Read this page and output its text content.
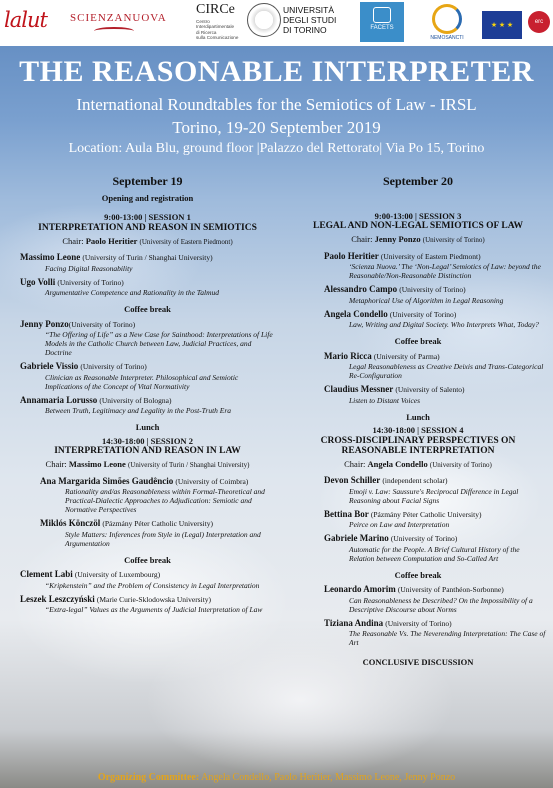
lalut SCIENZANUOVA
CIRCe
Centro
Interdipartimentale
di Ricerca
sulla Comunicazione
UNIVERSITÀ
DEGLI STUDI
DI TORINO	FACETS
NEMOSANCTI
★ ★ ★	erc
THE REASONABLE INTERPRETER
International Roundtables for the Semiotics of Law - IRSL
Torino, 19-20 September 2019
Location: Aula Blu, ground floor |Palazzo del Rettorato| Via Po 15, Torino
September 19
Opening and registration
9:00-13:00 | SESSION 1
INTERPRETATION AND REASON IN SEMIOTICS
Chair: Paolo Heritier (University of Eastern Piedmont)
Massimo Leone (University of Turin / Shanghai University)
Facing Digital Reasonability
Ugo Volli (University of Torino)
Argumentative Competence and Rationality in the Talmud
Coffee break
Jenny Ponzo(University of Torino)
“The Offering of Life” as a New Case for Sainthood: Interpretations of Life Models in the Catholic Church between Law, Judicial Practices, and Doctrine
Gabriele Vissio (University of Torino)
Clinician as Reasonable Interpreter. Philosophical and Semiotic Implications of the Concept of Vital Normativity
Annamaria Lorusso (University of Bologna)
Between Truth, Legitimacy and Legality in the Post-Truth Era
Lunch
14:30-18:00 | SESSION 2
INTERPRETATION AND REASON IN LAW
Chair: Massimo Leone (University of Turin / Shanghai University)
Ana Margarida Simões Gaudêncio (University of Coimbra)
Rationality and/as Reasonableness within Formal-Theoretical and Practical-Dialectic Approaches to Adjudication: Semiotic and Normative Perspectives
Miklós Könczöl (Pázmány Péter Catholic University)
Style Matters: Inferences from Style in (Legal) Interpretation and Argumentation
Coffee break
Clement Labi (University of Luxembourg)
“Kripkenstein” and the Problem of Consistency in Legal Interpretation
Leszek Leszczyński (Marie Curie-Sklodowska University)
“Extra-legal” Values as the Arguments of Judicial Interpretation of Law
September 20
9:00-13:00 | SESSION 3
LEGAL AND NON-LEGAL SEMIOTICS OF LAW
Chair: Jenny Ponzo (University of Torino)
Paolo Heritier (University of Eastern Piedmont)
‘Scienza Nuova.’ The ‘Non-Legal’ Semiotics of Law: beyond the Reasonable/Non-Reasonable Distinction
Alessandro Campo (University of Torino)
Metaphorical Use of Algorithm in Legal Reasoning
Angela Condello (University of Torino)
Law, Writing and Digital Society. Who Interprets What, Today?
Coffee break
Mario Ricca (University of Parma)
Legal Reasonableness as Creative Deixis and Trans-Categorical Re-Configuration
Claudius Messner (University of Salento)
Listen to Distant Voices
Lunch
14:30-18:00 | SESSION 4
CROSS-DISCIPLINARY PERSPECTIVES ON REASONABLE INTERPRETATION
Chair: Angela Condello (University of Torino)
Devon Schiller (independent scholar)
Emoji v. Law: Saussure's Reciprocal Difference in Legal Reasoning about Facial Signs
Bettina Bor (Pázmány Péter Catholic University)
Peirce on Law and Interpretation
Gabriele Marino (University of Torino)
Automatic for the People. A Brief Cultural History of the Relation between Computation and So-Called Art
Coffee break
Leonardo Amorim (University of Panthéon-Sorbonne)
Can Reasonableness be Described? On the Impossibility of a Descriptive Discourse about Norms
Tiziana Andina (University of Torino)
The Reasonable Vs. The Neverending Interpretation: The Case of Art
CONCLUSIVE DISCUSSION
Organizing Committee: Angela Condello, Paolo Heritier, Massimo Leone, Jenny Ponzo
